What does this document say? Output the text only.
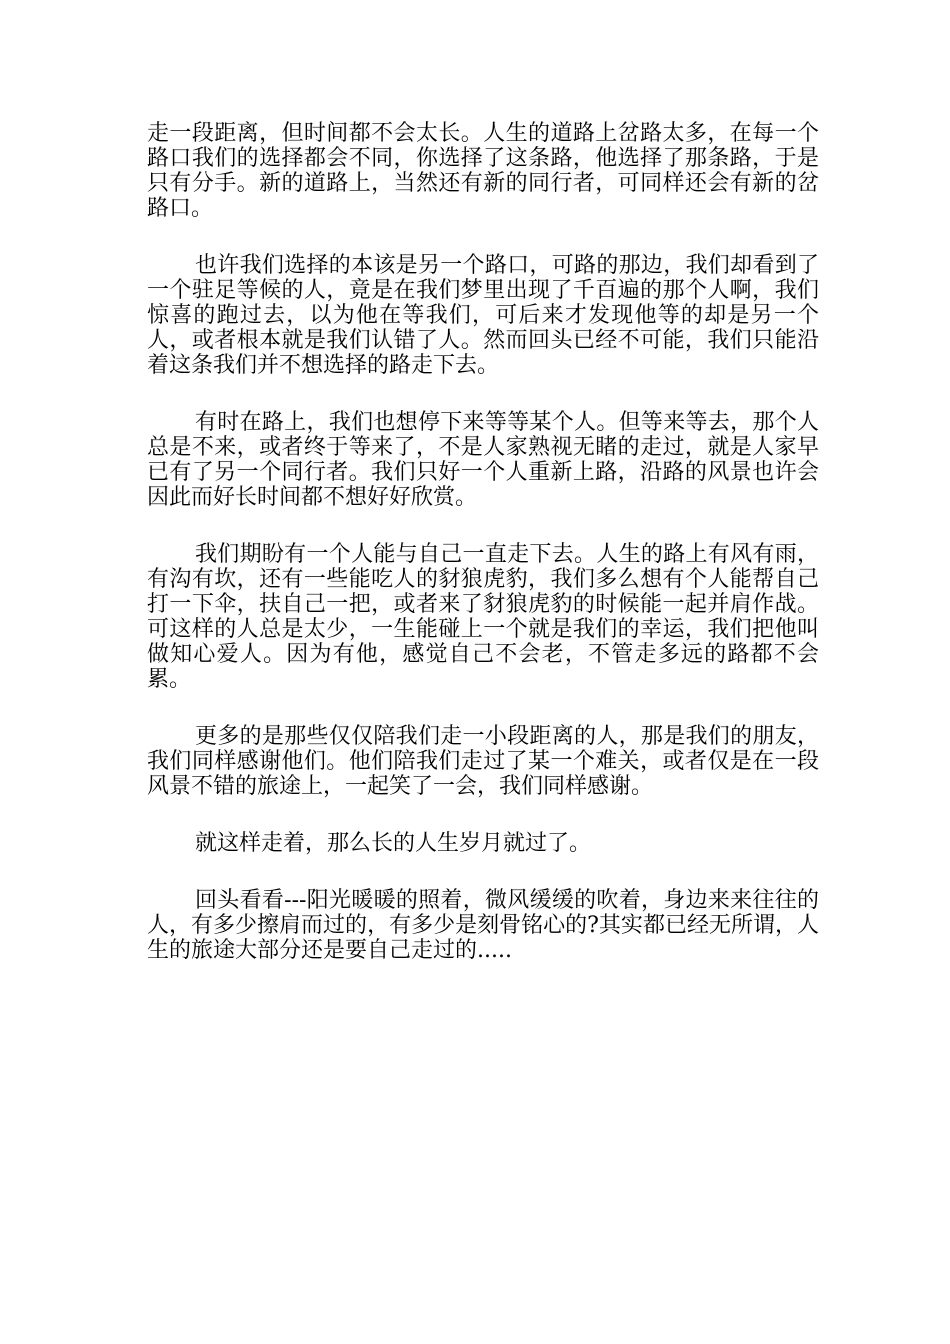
走一段距离，但时间都不会太长。人生的道路上岔路太多，在每一个路口我们的选择都会不同，你选择了这条路，他选择了那条路，于是只有分手。新的道路上，当然还有新的同行者，可同样还会有新的岔路口。

也许我们选择的本该是另一个路口，可路的那边，我们却看到了一个驻足等候的人，竟是在我们梦里出现了千百遍的那个人啊，我们惊喜的跑过去，以为他在等我们，可后来才发现他等的却是另一个人，或者根本就是我们认错了人。然而回头已经不可能，我们只能沿着这条我们并不想选择的路走下去。

有时在路上，我们也想停下来等等某个人。但等来等去，那个人总是不来，或者终于等来了，不是人家熟视无睹的走过，就是人家早已有了另一个同行者。我们只好一个人重新上路，沿路的风景也许会因此而好长时间都不想好好欣赏。

我们期盼有一个人能与自己一直走下去。人生的路上有风有雨，有沟有坎，还有一些能吃人的豺狼虎豹，我们多么想有个人能帮自己打一下伞，扶自己一把，或者来了豺狼虎豹的时候能一起并肩作战。可这样的人总是太少，一生能碰上一个就是我们的幸运，我们把他叫做知心爱人。因为有他，感觉自己不会老，不管走多远的路都不会累。

更多的是那些仅仅陪我们走一小段距离的人，那是我们的朋友，我们同样感谢他们。他们陪我们走过了某一个难关，或者仅是在一段风景不错的旅途上，一起笑了一会，我们同样感谢。

就这样走着，那么长的人生岁月就过了。

回头看看---阳光暖暖的照着，微风缓缓的吹着，身边来来往往的人，有多少擦肩而过的，有多少是刻骨铭心的?其实都已经无所谓，人生的旅途大部分还是要自己走过的.....
